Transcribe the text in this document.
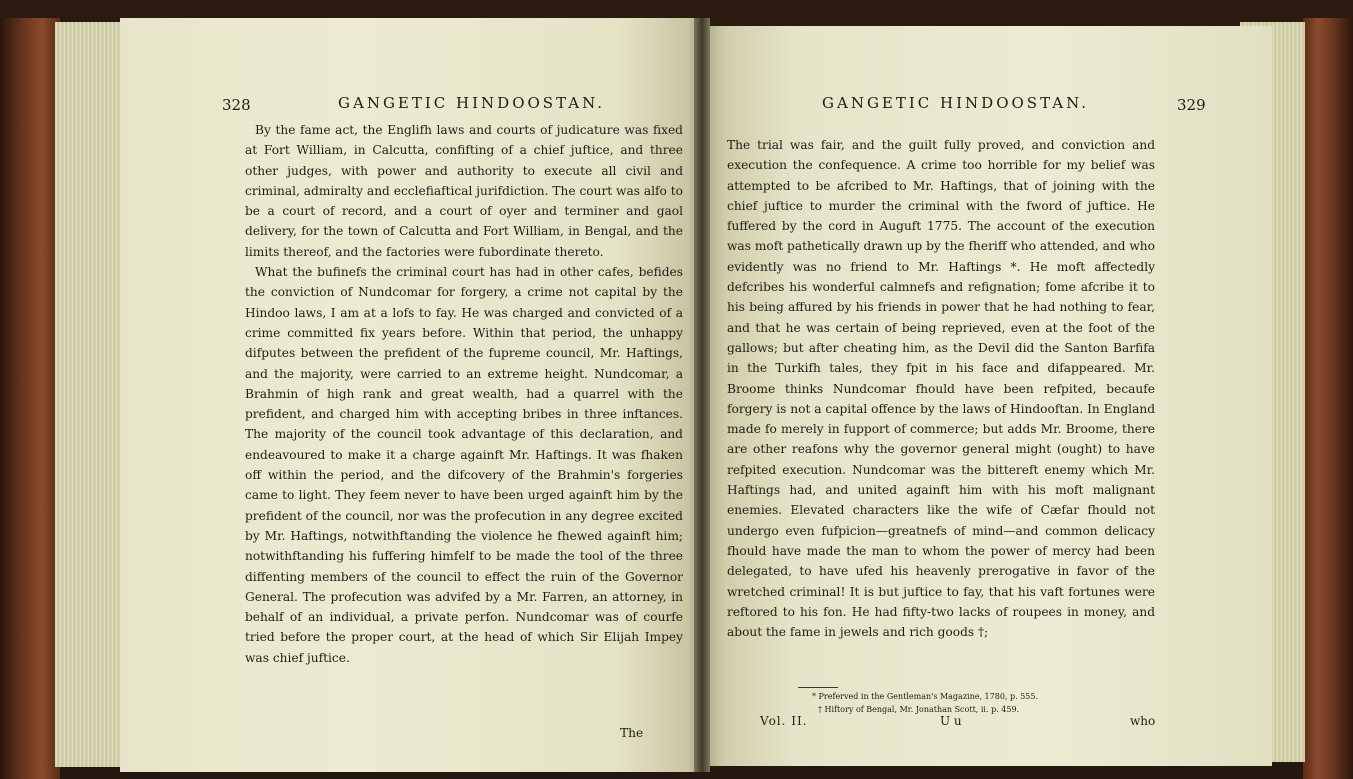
328	GANGETIC HINDOOSTAN.

By the fame act, the Englifh laws and courts of judicature was fixed at Fort William, in Calcutta, confifting of a chief juftice, and three other judges, with power and authority to execute all civil and criminal, admiralty and ecclefiaftical jurifdiction. The court was alfo to be a court of record, and a court of oyer and terminer and gaol delivery, for the town of Calcutta and Fort William, in Bengal, and the limits thereof, and the factories were fubordinate thereto.

What the bufinefs the criminal court has had in other cafes, befides the conviction of Nundcomar for forgery, a crime not capital by the Hindoo laws, I am at a lofs to fay. He was charged and convicted of a crime committed fix years before. Within that period, the unhappy difputes between the prefident of the fupreme council, Mr. Haftings, and the majority, were carried to an extreme height. Nundcomar, a Brahmin of high rank and great wealth, had a quarrel with the prefident, and charged him with accepting bribes in three inftances. The majority of the council took advantage of this declaration, and endeavoured to make it a charge againft Mr. Haftings. It was fhaken off within the period, and the difcovery of the Brahmin's forgeries came to light. They feem never to have been urged againft him by the prefident of the council, nor was the profecution in any degree excited by Mr. Haftings, notwithftanding the violence he fhewed againft him; notwithftanding his fuffering himfelf to be made the tool of the three diffenting members of the council to effect the ruin of the Governor General. The profecution was advifed by a Mr. Farren, an attorney, in behalf of an individual, a private perfon. Nundcomar was of courfe tried before the proper court, at the head of which Sir Elijah Impey was chief juftice.

The
GANGETIC HINDOOSTAN.	329

The trial was fair, and the guilt fully proved, and conviction and execution the confequence. A crime too horrible for my belief was attempted to be afcribed to Mr. Haftings, that of joining with the chief juftice to murder the criminal with the fword of juftice. He fuffered by the cord in Auguft 1775. The account of the execution was moft pathetically drawn up by the fheriff who attended, and who evidently was no friend to Mr. Haftings *. He moft affectedly defcribes his wonderful calmnefs and refignation; fome afcribe it to his being affured by his friends in power that he had nothing to fear, and that he was certain of being reprieved, even at the foot of the gallows; but after cheating him, as the Devil did the Santon Barfifa in the Turkifh tales, they fpit in his face and difappeared. Mr. Broome thinks Nundcomar fhould have been refpited, becaufe forgery is not a capital offence by the laws of Hindooftan. In England made fo merely in fupport of commerce; but adds Mr. Broome, there are other reafons why the governor general might (ought) to have refpited execution. Nundcomar was the bittereft enemy which Mr. Haftings had, and united againft him with his moft malignant enemies. Elevated characters like the wife of Cæfar fhould not undergo even fufpicion—greatnefs of mind—and common delicacy fhould have made the man to whom the power of mercy had been delegated, to have ufed his heavenly prerogative in favor of the wretched criminal! It is but juftice to fay, that his vaft fortunes were reftored to his fon. He had fifty-two lacks of roupees in money, and about the fame in jewels and rich goods †;

* Preferved in the Gentleman's Magazine, 1780, p. 555.
† Hiftory of Bengal, Mr. Jonathan Scott, ii. p. 459.
Vol. II.	U u	who
